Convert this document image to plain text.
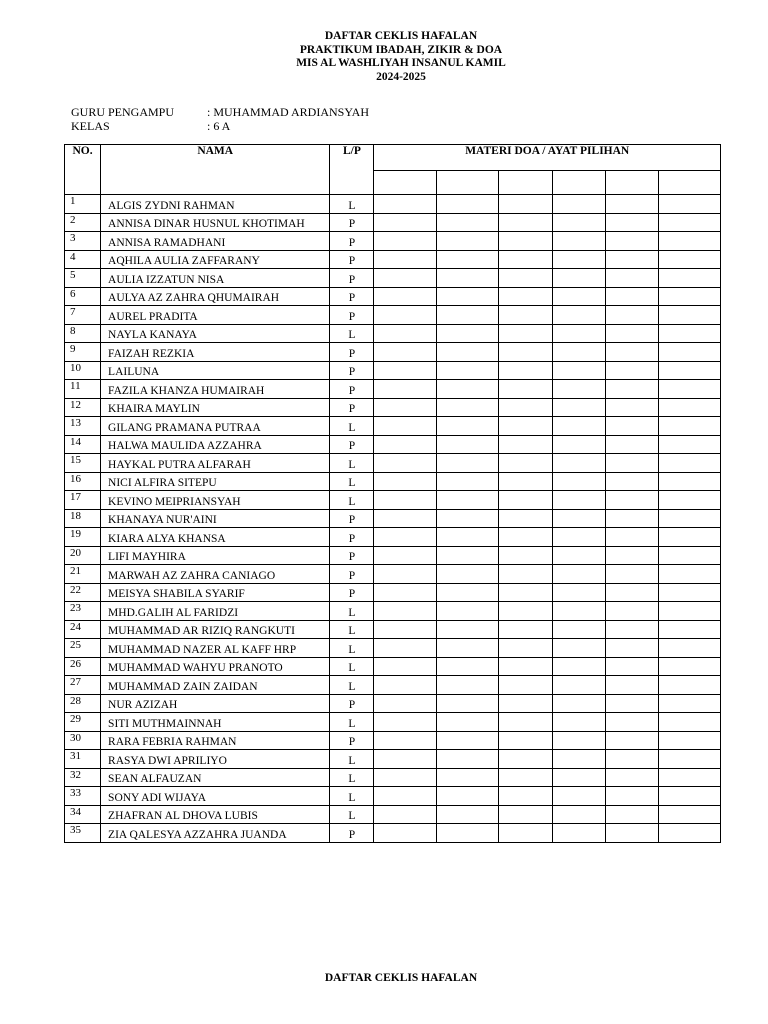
DAFTAR CEKLIS HAFALAN
PRAKTIKUM IBADAH, ZIKIR & DOA
MIS AL WASHLIYAH INSANUL KAMIL
2024-2025
GURU PENGAMPU	: MUHAMMAD ARDIANSYAH
KELAS	: 6 A
NO.	NAMA	L/P	MATERI DOA / AYAT PILIHAN					

1	ALGIS ZYDNI RAHMAN	L						
2	ANNISA DINAR HUSNUL KHOTIMAH	P						
3	ANNISA RAMADHANI	P						
4	AQHILA AULIA ZAFFARANY	P						
5	AULIA IZZATUN NISA	P						
6	AULYA AZ ZAHRA QHUMAIRAH	P						
7	AUREL PRADITA	P						
8	NAYLA KANAYA	L						
9	FAIZAH REZKIA	P						
10	LAILUNA	P						
11	FAZILA KHANZA HUMAIRAH	P						
12	KHAIRA MAYLIN	P						
13	GILANG PRAMANA PUTRAA	L						
14	HALWA MAULIDA AZZAHRA	P						
15	HAYKAL PUTRA ALFARAH	L						
16	NICI ALFIRA SITEPU	L						
17	KEVINO MEIPRIANSYAH	L						
18	KHANAYA NUR'AINI	P						
19	KIARA ALYA KHANSA	P						
20	LIFI MAYHIRA	P						
21	MARWAH AZ ZAHRA CANIAGO	P						
22	MEISYA SHABILA SYARIF	P						
23	MHD.GALIH AL FARIDZI	L						
24	MUHAMMAD AR RIZIQ RANGKUTI	L						
25	MUHAMMAD NAZER AL KAFF HRP	L						
26	MUHAMMAD WAHYU PRANOTO	L						
27	MUHAMMAD ZAIN ZAIDAN	L						
28	NUR AZIZAH	P						
29	SITI MUTHMAINNAH	L						
30	RARA FEBRIA RAHMAN	P						
31	RASYA DWI APRILIYO	L						
32	SEAN ALFAUZAN	L						
33	SONY ADI WIJAYA	L						
34	ZHAFRAN AL DHOVA LUBIS	L						
35	ZIA QALESYA AZZAHRA JUANDA	P						
DAFTAR CEKLIS HAFALAN
